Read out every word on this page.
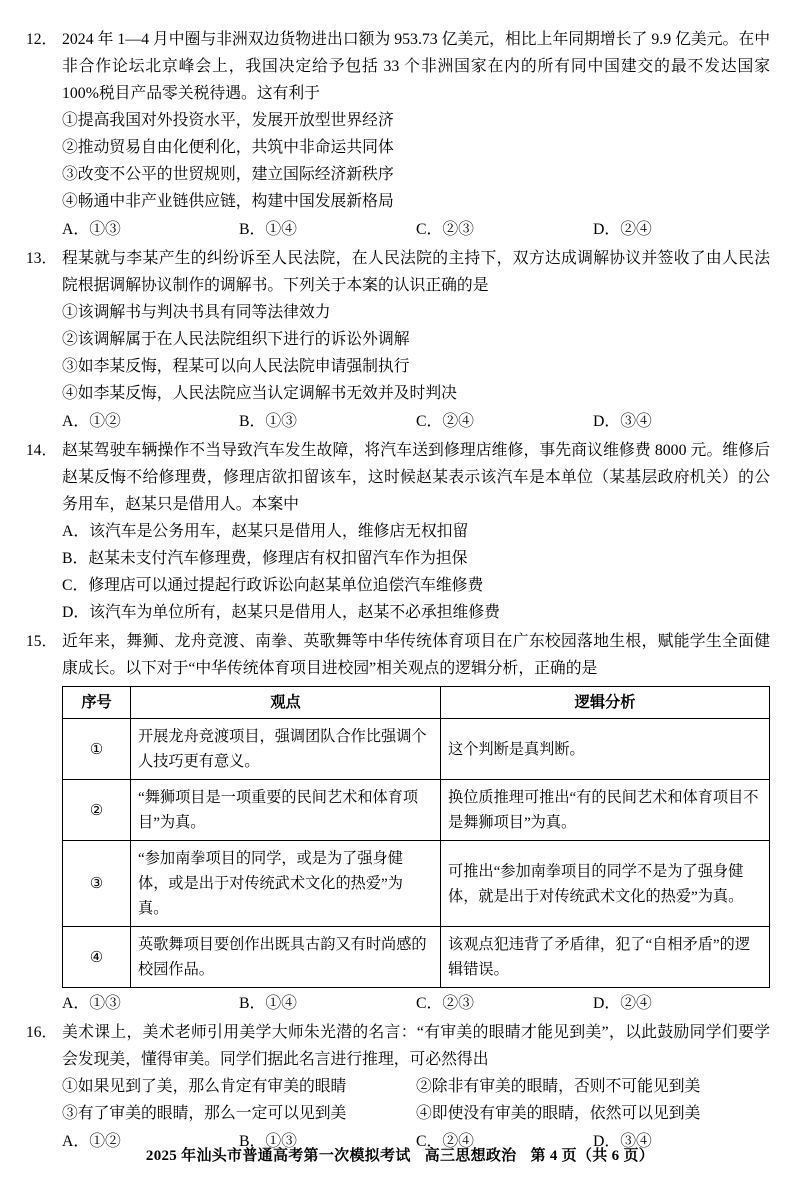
12． 2024 年 1—4 月中圈与非洲双边货物进出口额为 953.73 亿美元，相比上年同期增长了 9.9 亿美元。在中非合作论坛北京峰会上，我国决定给予包括 33 个非洲国家在内的所有同中国建交的最不发达国家 100%税目产品零关税待遇。这有利于
①提高我国对外投资水平，发展开放型世界经济
②推动贸易自由化便利化，共筑中非命运共同体
③改变不公平的世贸规则，建立国际经济新秩序
④畅通中非产业链供应链，构建中国发展新格局
A．①③	B．①④	C．②③	D．②④
13． 程某就与李某产生的纠纷诉至人民法院，在人民法院的主持下，双方达成调解协议并签收了由人民法院根据调解协议制作的调解书。下列关于本案的认识正确的是
①该调解书与判决书具有同等法律效力
②该调解属于在人民法院组织下进行的诉讼外调解
③如李某反悔，程某可以向人民法院申请强制执行
④如李某反悔，人民法院应当认定调解书无效并及时判决
A．①②	B．①③	C．②④	D．③④
14． 赵某驾驶车辆操作不当导致汽车发生故障，将汽车送到修理店维修，事先商议维修费 8000 元。维修后赵某反悔不给修理费，修理店欲扣留该车，这时候赵某表示该汽车是本单位（某基层政府机关）的公务用车，赵某只是借用人。本案中
A．该汽车是公务用车，赵某只是借用人，维修店无权扣留
B．赵某未支付汽车修理费，修理店有权扣留汽车作为担保
C．修理店可以通过提起行政诉讼向赵某单位追偿汽车维修费
D．该汽车为单位所有，赵某只是借用人，赵某不必承担维修费
15． 近年来，舞狮、龙舟竞渡、南拳、英歌舞等中华传统体育项目在广东校园落地生根，赋能学生全面健康成长。以下对于“中华传统体育项目进校园”相关观点的逻辑分析，正确的是
序号	观点	逻辑分析
①	开展龙舟竞渡项目，强调团队合作比强调个人技巧更有意义。	这个判断是真判断。
②	“舞狮项目是一项重要的民间艺术和体育项目”为真。	换位质推理可推出“有的民间艺术和体育项目不是舞狮项目”为真。
③	“参加南拳项目的同学，或是为了强身健体，或是出于对传统武术文化的热爱”为真。	可推出“参加南拳项目的同学不是为了强身健体，就是出于对传统武术文化的热爱”为真。
④	英歌舞项目要创作出既具古韵又有时尚感的校园作品。	该观点犯违背了矛盾律，犯了“自相矛盾”的逻辑错误。
A．①③	B．①④	C．②③	D．②④
16． 美术课上，美术老师引用美学大师朱光潜的名言：“有审美的眼睛才能见到美”，以此鼓励同学们要学会发现美，懂得审美。同学们据此名言进行推理，可必然得出
①如果见到了美，那么肯定有审美的眼睛	②除非有审美的眼睛，否则不可能见到美
③有了审美的眼睛，那么一定可以见到美	④即使没有审美的眼睛，依然可以见到美
A．①②	B．①③	C．②④	D．③④
2025 年汕头市普通高考第一次模拟考试 高三思想政治 第 4 页（共 6 页）
